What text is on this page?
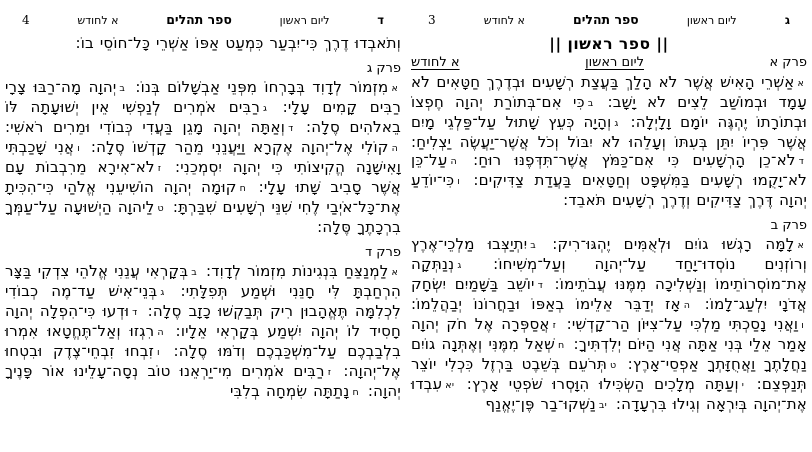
3	א לחודש	ספר תהלים	ליום ראשון	ג
|| ספר ראשון ||
פרק א
ליום ראשון
א לחודש

אאַשְׁרֵי הָאִישׁ אֲשֶׁר לֹא הָלַךְ בַּעֲצַת רְשָׁעִים וּבְדֶרֶךְ חַטָּאִים לֹא עָמָד וּבְמוֹשַׁב לֵצִים לֹא יָשָׁב: בכִּי אִם־בְּתוֹרַת יְהוָה חֶפְצוֹ וּבְתוֹרָתוֹ יֶהְגֶּה יוֹמָם וָלָיְלָה: גוְהָיָה כְּעֵץ שָׁתוּל עַל־פַּלְגֵי מָיִם אֲשֶׁר פִּרְיוֹ יִתֵּן בְּעִתּוֹ וְעָלֵהוּ לֹא יִבּוֹל וְכֹל אֲשֶׁר־יַעֲשֶׂה יַצְלִיחַ: דלֹא־כֵן הָרְשָׁעִים כִּי אִם־כַּמֹּץ אֲשֶׁר־תִּדְּפֶנּוּ רוּחַ: העַל־כֵּן לֹא־יָקֻמוּ רְשָׁעִים בַּמִּשְׁפָּט וְחַטָּאִים בַּעֲדַת צַדִּיקִים: וכִּי־יוֹדֵעַ יְהוָה דֶּרֶךְ צַדִּיקִים וְדֶרֶךְ רְשָׁעִים תֹּאבֵד:

פרק ב

אלָמָּה רָגְשׁוּ גוֹיִם וּלְאֻמִּים יֶהְגּוּ־רִיק: ביִתְיַצְּבוּ מַלְכֵי־אֶרֶץ וְרוֹזְנִים נוֹסְדוּ־יָחַד עַל־יְהוָה וְעַל־מְשִׁיחוֹ: גנְנַתְּקָה אֶת־מוֹסְרוֹתֵימוֹ וְנַשְׁלִיכָה מִמֶּנּוּ עֲבֹתֵימוֹ: דיוֹשֵׁב בַּשָּׁמַיִם יִשְׂחָק אֲדֹנָי יִלְעַג־לָמוֹ: האָז יְדַבֵּר אֵלֵימוֹ בְאַפּוֹ וּבַחֲרוֹנוֹ יְבַהֲלֵמוֹ: ווַאֲנִי נָסַכְתִּי מַלְכִּי עַל־צִיּוֹן הַר־קָדְשִׁי: זאֲסַפְּרָה אֶל חֹק יְהוָה אָמַר אֵלַי בְּנִי אַתָּה אֲנִי הַיּוֹם יְלִדְתִּיךָ: חשְׁאַל מִמֶּנִּי וְאֶתְּנָה גוֹיִם נַחֲלָתֶךָ וַאֲחֻזָּתְךָ אַפְסֵי־אָרֶץ: טתְּרֹעֵם בְּשֵׁבֶט בַּרְזֶל כִּכְלִי יוֹצֵר תְּנַפְּצֵם: יוְעַתָּה מְלָכִים הַשְׂכִּילוּ הִוָּסְרוּ שֹׁפְטֵי אָרֶץ: יאעִבְדוּ אֶת־יְהוָה בְּיִרְאָה וְגִילוּ בִּרְעָדָה: יבנַשְּׁקוּ־בַר פֶּן־יֶאֱנַף

4	א לחודש	ספר תהלים	ליום ראשון	ד

וְתֹאבְדוּ דֶרֶךְ כִּי־יִבְעַר כִּמְעַט אַפּוֹ אַשְׁרֵי כָּל־חוֹסֵי בוֹ:

פרק ג

אמִזְמוֹר לְדָוִד בְּבָרְחוֹ מִפְּנֵי אַבְשָׁלוֹם בְּנוֹ: ביְהוָה מָה־רַבּוּ צָרָי רַבִּים קָמִים עָלָי: גרַבִּים אֹמְרִים לְנַפְשִׁי אֵין יְשׁוּעָתָה לּוֹ בֵאלֹהִים סֶלָה: דוְאַתָּה יְהוָה מָגֵן בַּעֲדִי כְּבוֹדִי וּמֵרִים רֹאשִׁי: הקוֹלִי אֶל־יְהוָה אֶקְרָא וַיַּעֲנֵנִי מֵהַר קָדְשׁוֹ סֶלָה: ואֲנִי שָׁכַבְתִּי וָאִישָׁנָה הֱקִיצוֹתִי כִּי יְהוָה יִסְמְכֵנִי: זלֹא־אִירָא מֵרִבְבוֹת עָם אֲשֶׁר סָבִיב שָׁתוּ עָלָי: חקוּמָה יְהוָה הוֹשִׁיעֵנִי אֱלֹהַי כִּי־הִכִּיתָ אֶת־כָּל־אֹיְבַי לֶחִי שִׁנֵּי רְשָׁעִים שִׁבַּרְתָּ: טלַיהוָה הַיְשׁוּעָה עַל־עַמְּךָ בִרְכָתֶךָ סֶּלָה:

פרק ד

אלַמְנַצֵּחַ בִּנְגִינוֹת מִזְמוֹר לְדָוִד: בבְּקָרְאִי עֲנֵנִי אֱלֹהֵי צִדְקִי בַּצָּר הִרְחַבְתָּ לִּי חָנֵּנִי וּשְׁמַע תְּפִלָּתִי: גבְּנֵי־אִישׁ עַד־מֶה כְבוֹדִי לִכְלִמָּה תֶּאֱהָבוּן רִיק תְּבַקְשׁוּ כָזָב סֶלָה: דוּדְעוּ כִּי־הִפְלָה יְהוָה חָסִיד לוֹ יְהוָה יִשְׁמַע בְּקָרְאִי אֵלָיו: הרִגְזוּ וְאַל־תֶּחֱטָאוּ אִמְרוּ בִלְבַבְכֶם עַל־מִשְׁכַּבְכֶם וְדֹמּוּ סֶלָה: וזִבְחוּ זִבְחֵי־צֶדֶק וּבִטְחוּ אֶל־יְהוָה: זרַבִּים אֹמְרִים מִי־יַרְאֵנוּ טוֹב נְסָה־עָלֵינוּ אוֹר פָּנֶיךָ יְהוָה: חנָתַתָּה שִׂמְחָה בְלִבִּי
